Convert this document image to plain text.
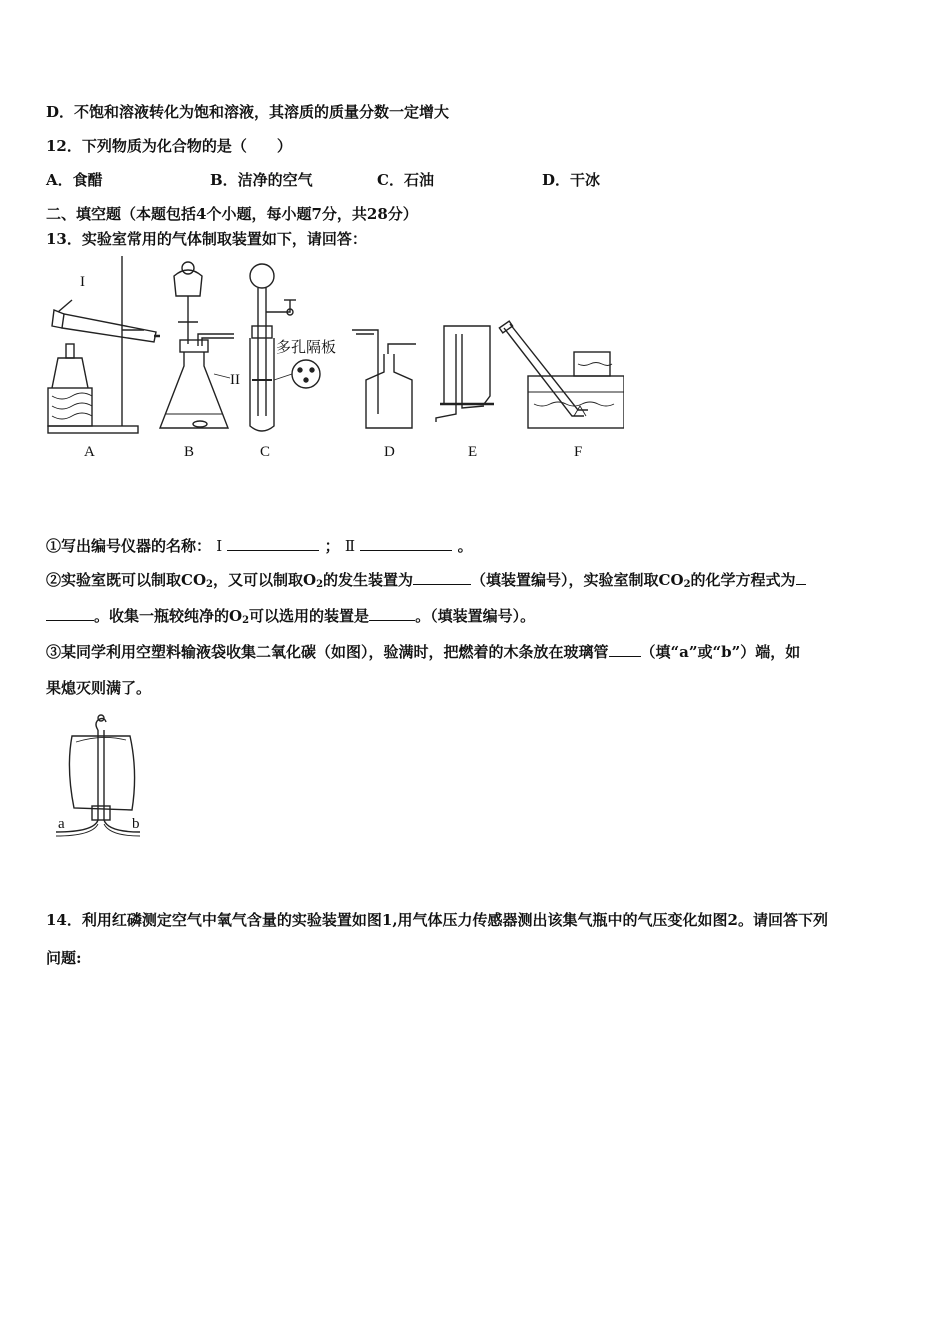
D．不饱和溶液转化为饱和溶液，其溶质的质量分数一定增大
12．下列物质为化合物的是（　　）
A．食醋	B．洁净的空气	C．石油	D．干冰
二、填空题（本题包括4个小题，每小题7分，共28分）
13．实验室常用的气体制取装置如下，请回答：
I
A
II
B
多孔隔板
C	D	E	F
①写出编号仪器的名称： Ⅰ	； Ⅱ	。
②实验室既可以制取$CO_2$，又可以制取$O_2$的发生装置为	（填装置编号），实验室制取$CO_2$的化学方程式为
。收集一瓶较纯净的$O_2$可以选用的装置是	。（填装置编号）。
③某同学利用空塑料输液袋收集二氧化碳（如图），验满时，把燃着的木条放在玻璃管 （填“a”或“b”）端，如
果熄灭则满了。
a	b
14．利用红磷测定空气中氧气含量的实验装置如图1,用气体压力传感器测出该集气瓶中的气压变化如图2。请回答下列
问题:
